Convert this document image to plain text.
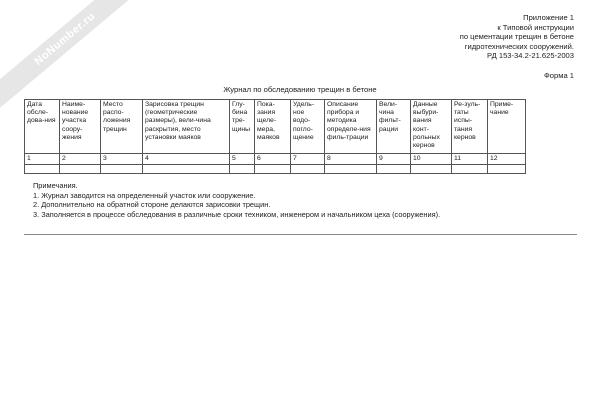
NoNumber.ru	Приложение 1
к Типовой инструкции
по цементации трещин в бетоне
гидротехнических сооружений.
РД 153-34.2-21.625-2003
Форма 1
Журнал по обследованию трещин в бетоне
Дата обсле-дова-ния	Наиме-нование участка соору-жения	Место распо-ложения трещин	Зарисовка трещин (геометрические размеры), вели-чина раскрытия, место установки маяков	Глу-бина тре-щины	Пока-зания щеле-мера, маяков	Удель-ное водо-погло-щение	Описание прибора и методика определе-ния филь-трации	Вели-чина фильт-рации	Данные выбури-вания конт-рольных кернов	Ре-зуль-таты испы-тания кернов	Приме-чание
1	2	3	4	5	6	7	8	9	10	11	12

Примечания.
1. Журнал заводится на определенный участок или сооружение.
2. Дополнительно на обратной стороне делаются зарисовки трещин.
3. Заполняется в процессе обследования в различные сроки техником, инженером и начальником цеха (сооружения).
